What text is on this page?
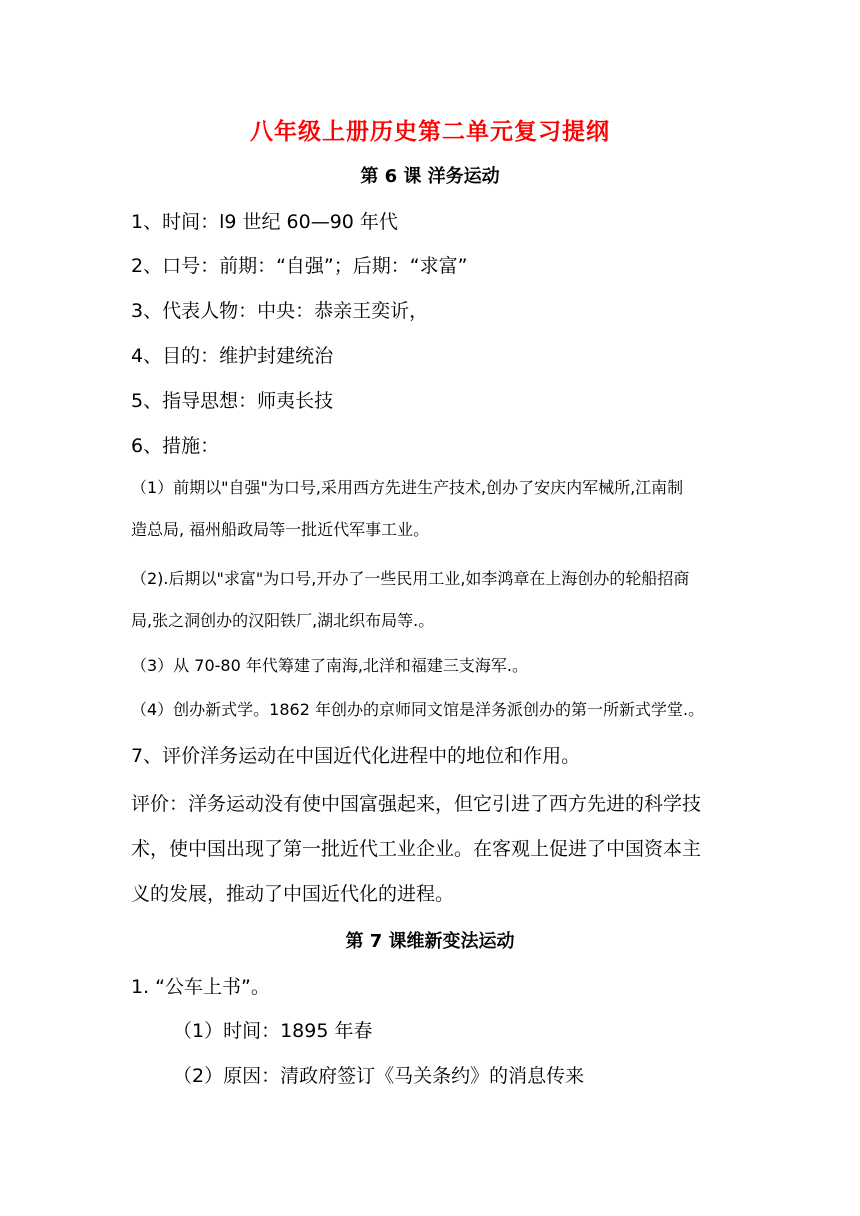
八年级上册历史第二单元复习提纲
第 6 课 洋务运动
1、时间：l9 世纪 60—90 年代
2、口号：前期：“自强”；后期：“求富”
3、代表人物：中央：恭亲王奕䜣，
4、目的：维护封建统治
5、指导思想：师夷长技
6、措施：
（1）前期以"自强"为口号,采用西方先进生产技术,创办了安庆内军械所,江南制
造总局, 福州船政局等一批近代军事工业。
（2).后期以"求富"为口号,开办了一些民用工业,如李鸿章在上海创办的轮船招商
局,张之洞创办的汉阳铁厂,湖北织布局等.。
（3）从 70-80 年代筹建了南海,北洋和福建三支海军.。
（4）创办新式学。1862 年创办的京师同文馆是洋务派创办的第一所新式学堂.。
7、评价洋务运动在中国近代化进程中的地位和作用。
评价：洋务运动没有使中国富强起来，但它引进了西方先进的科学技
术，使中国出现了第一批近代工业企业。在客观上促进了中国资本主
义的发展，推动了中国近代化的进程。
第 7 课维新变法运动
1. “公车上书”。
（1）时间：1895 年春
（2）原因：清政府签订《马关条约》的消息传来
